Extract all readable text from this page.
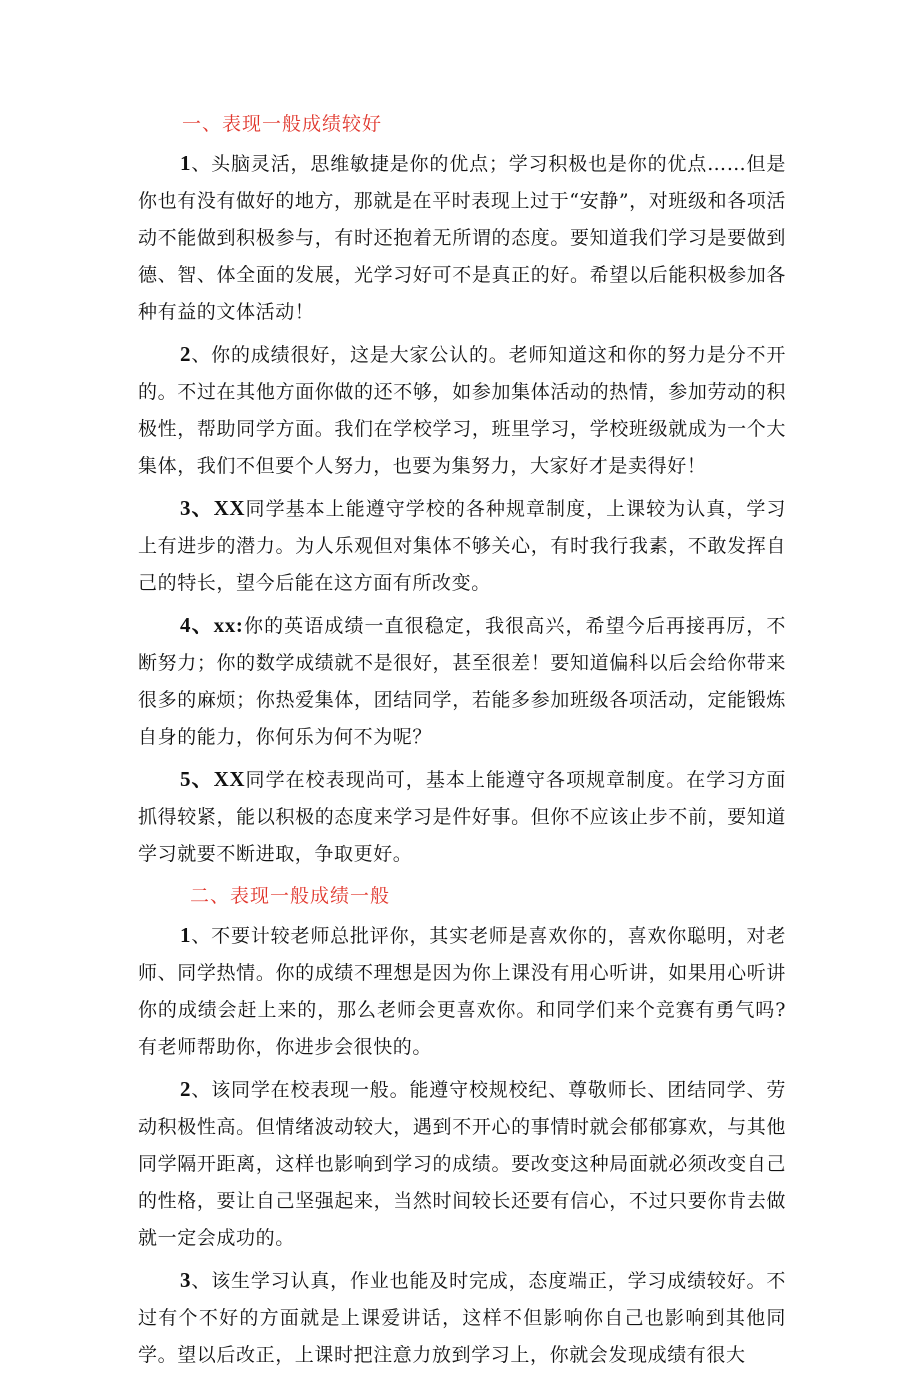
一、表现一般成绩较好

1、头脑灵活，思维敏捷是你的优点；学习积极也是你的优点……但是你也有没有做好的地方，那就是在平时表现上过于“安静”，对班级和各项活动不能做到积极参与，有时还抱着无所谓的态度。要知道我们学习是要做到德、智、体全面的发展，光学习好可不是真正的好。希望以后能积极参加各种有益的文体活动！

2、你的成绩很好，这是大家公认的。老师知道这和你的努力是分不开的。不过在其他方面你做的还不够，如参加集体活动的热情，参加劳动的积极性，帮助同学方面。我们在学校学习，班里学习，学校班级就成为一个大集体，我们不但要个人努力，也要为集努力，大家好才是卖得好！

3、XX同学基本上能遵守学校的各种规章制度，上课较为认真，学习上有进步的潜力。为人乐观但对集体不够关心，有时我行我素，不敢发挥自己的特长，望今后能在这方面有所改变。

4、xx:你的英语成绩一直很稳定，我很高兴，希望今后再接再厉，不断努力；你的数学成绩就不是很好，甚至很差！要知道偏科以后会给你带来很多的麻烦；你热爱集体，团结同学，若能多参加班级各项活动，定能锻炼自身的能力，你何乐为何不为呢？

5、XX同学在校表现尚可，基本上能遵守各项规章制度。在学习方面抓得较紧，能以积极的态度来学习是件好事。但你不应该止步不前，要知道学习就要不断进取，争取更好。

二、表现一般成绩一般

1、不要计较老师总批评你，其实老师是喜欢你的，喜欢你聪明，对老师、同学热情。你的成绩不理想是因为你上课没有用心听讲，如果用心听讲你的成绩会赶上来的，那么老师会更喜欢你。和同学们来个竞赛有勇气吗?有老师帮助你，你进步会很快的。

2、该同学在校表现一般。能遵守校规校纪、尊敬师长、团结同学、劳动积极性高。但情绪波动较大，遇到不开心的事情时就会郁郁寡欢，与其他同学隔开距离，这样也影响到学习的成绩。要改变这种局面就必须改变自己的性格，要让自己坚强起来，当然时间较长还要有信心，不过只要你肯去做就一定会成功的。

3、该生学习认真，作业也能及时完成，态度端正，学习成绩较好。不过有个不好的方面就是上课爱讲话，这样不但影响你自己也影响到其他同学。望以后改正，上课时把注意力放到学习上，你就会发现成绩有很大
